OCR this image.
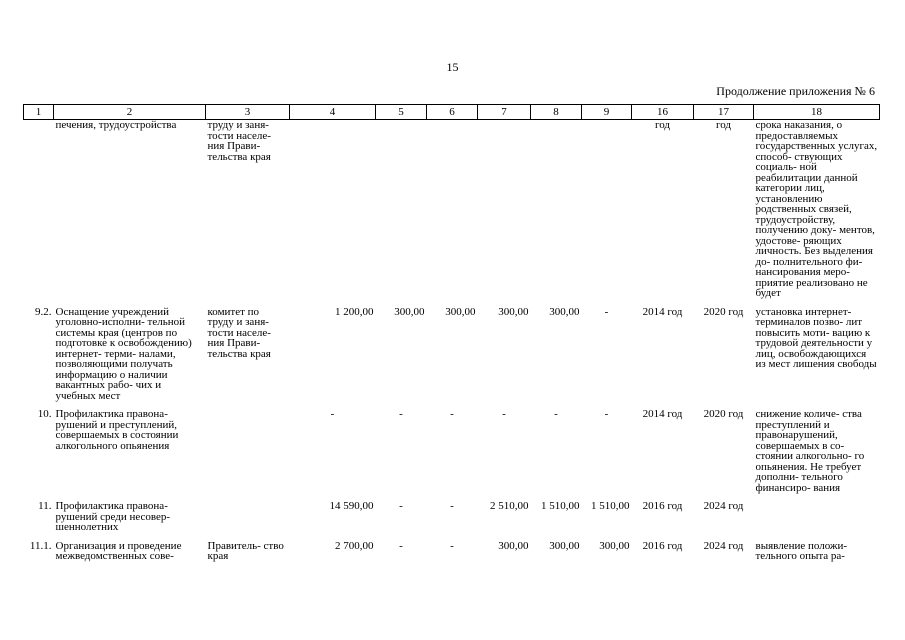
15
Продолжение приложения № 6
1	2	3	4	5	6	7	8	9	16	17	18
	печения, трудоустройства	труду и заня- тости населе- ния Прави- тельства края							год	год	срока наказания, о предоставляемых государственных услугах, способ- ствующих социаль- ной реабилитации данной категории лиц, установлению родственных связей, трудоустройству, получению доку- ментов, удостове- ряющих личность. Без выделения до- полнительного фи- нансирования меро- приятие реализовано не будет
9.2.	Оснащение учреждений уголовно-исполни- тельной системы края (центров по подготовке к освобождению) интернет- терми- налами, позволяющими получать информацию о наличии вакантных рабо- чих и учебных мест	комитет по труду и заня- тости населе- ния Прави- тельства края	1 200,00	300,00	300,00	300,00	300,00	-	2014 год	2020 год	установка интернет- терминалов позво- лит повысить моти- вацию к трудовой деятельности у лиц, освобождающихся из мест лишения свободы
10.	Профилактика правона- рушений и преступлений, совершаемых в состоянии алкогольного опьянения		-	-	-	-	-	-	2014 год	2020 год	снижение количе- ства преступлений и правонарушений, совершаемых в со- стоянии алкогольно- го опьянения. Не требует дополни- тельного финансиро- вания
11.	Профилактика правона- рушений среди несовер- шеннолетних		14 590,00	-	-	2 510,00	1 510,00	1 510,00	2016 год	2024 год	
11.1.	Организация и проведение межведомственных сове-	Правитель- ство края	2 700,00	-	-	300,00	300,00	300,00	2016 год	2024 год	выявление положи- тельного опыта ра-
